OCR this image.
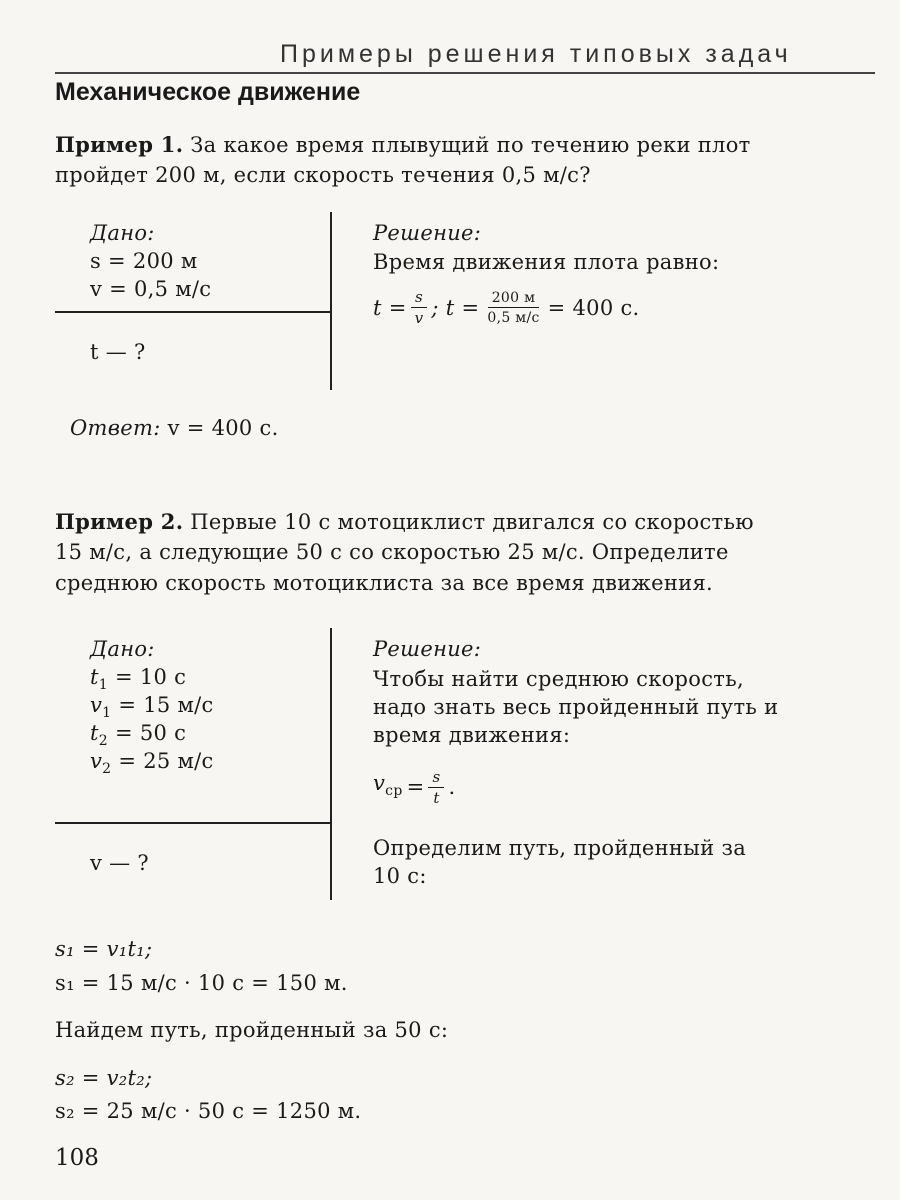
Примеры решения типовых задач
Механическое движение
Пример 1. За какое время плывущий по течению реки плот
пройдет 200 м, если скорость течения 0,5 м/с?
Дано:
s = 200 м
v = 0,5 м/с
t — ?
Решение:
Время движения плота равно:
$t = \frac{s}{v}$ ; $t = \frac{200 м}{0,5 м/с} = 400$ с.
Ответ: v = 400 с.
Пример 2. Первые 10 с мотоциклист двигался со скоростью
15 м/с, а следующие 50 с со скоростью 25 м/с. Определите
среднюю скорость мотоциклиста за все время движения.
Дано:
$t_1 = 10$ с
$v_1 = 15$ м/с
$t_2 = 50$ с
$v_2 = 25$ м/с
v — ?
Решение:
Чтобы найти среднюю скорость,
надо знать весь пройденный путь и
время движения:
$v_{ср} = \frac{s}{t}$ .
Определим путь, пройденный за
10 с:
s₁ = v₁t₁;
s₁ = 15 м/с · 10 с = 150 м.
Найдем путь, пройденный за 50 с:
s₂ = v₂t₂;
s₂ = 25 м/с · 50 с = 1250 м.
108
